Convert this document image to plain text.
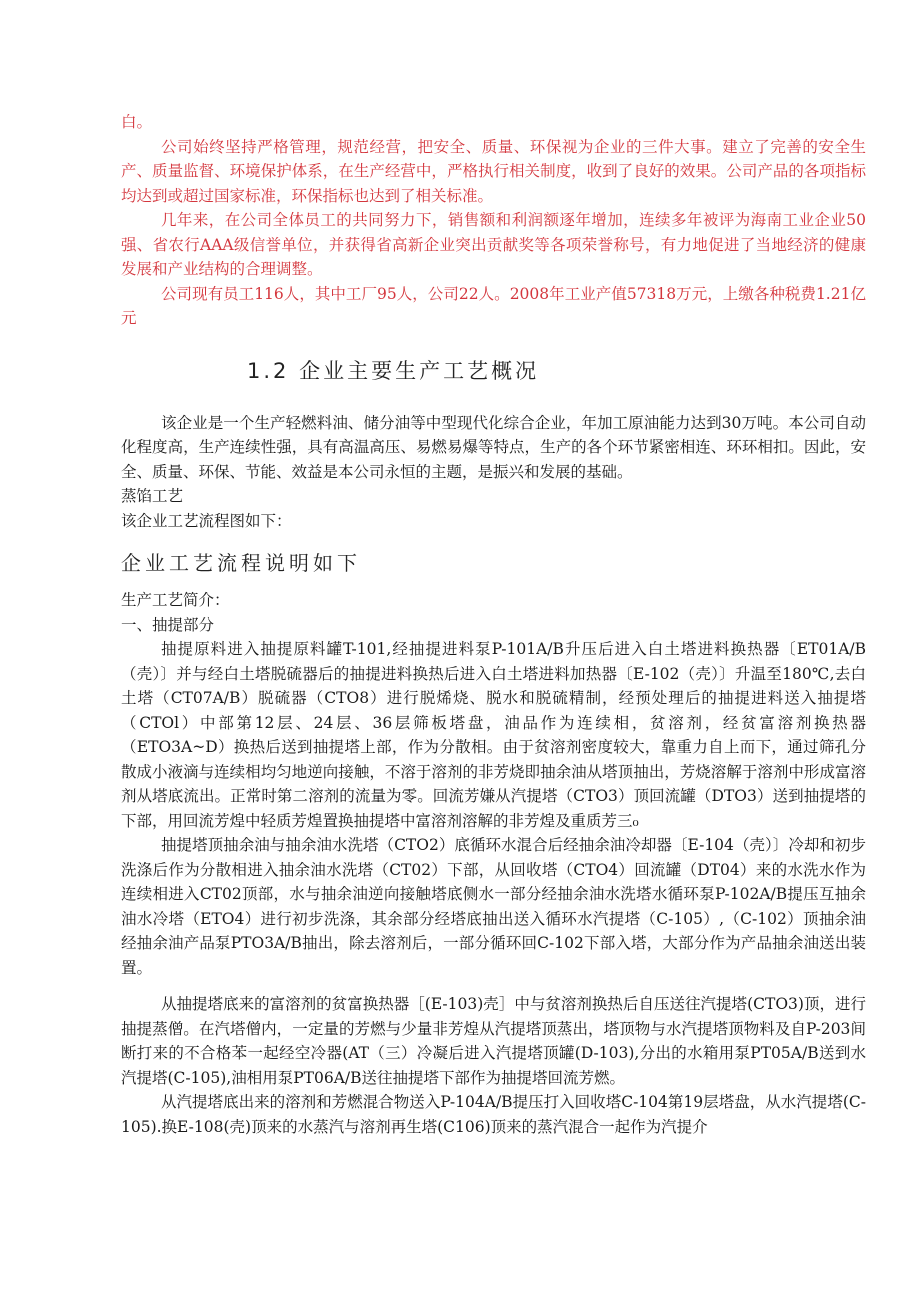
白。

公司始终坚持严格管理，规范经营，把安全、质量、环保视为企业的三件大事。建立了完善的安全生产、质量监督、环境保护体系，在生产经营中，严格执行相关制度，收到了良好的效果。公司产品的各项指标均达到或超过国家标准，环保指标也达到了相关标准。

几年来，在公司全体员工的共同努力下，销售额和利润额逐年增加，连续多年被评为海南工业企业50强、省农行AAA级信誉单位，并获得省高新企业突出贡献奖等各项荣誉称号，有力地促进了当地经济的健康发展和产业结构的合理调整。

公司现有员工116人，其中工厂95人，公司22人。2008年工业产值57318万元，上缴各种税费1.21亿元

1.2 企业主要生产工艺概况

该企业是一个生产轻燃料油、储分油等中型现代化综合企业，年加工原油能力达到30万吨。本公司自动化程度高，生产连续性强，具有高温高压、易燃易爆等特点，生产的各个环节紧密相连、环环相扣。因此，安全、质量、环保、节能、效益是本公司永恒的主题，是振兴和发展的基础。

蒸馅工艺

该企业工艺流程图如下：

企业工艺流程说明如下

生产工艺简介：

一、抽提部分

抽提原料进入抽提原料罐T-101,经抽提进料泵P-101A/B升压后进入白土塔进料换热器〔ET01A/B（壳）〕并与经白土塔脱硫器后的抽提进料换热后进入白土塔进料加热器〔E-102（壳）〕升温至180℃,去白土塔（CT07A/B）脱硫器（CTO8）进行脱烯烧、脱水和脱硫精制，经预处理后的抽提进料送入抽提塔（CTOl）中部第12层、24层、36层筛板塔盘，油品作为连续相，贫溶剂，经贫富溶剂换热器（ETO3A~D）换热后送到抽提塔上部，作为分散相。由于贫溶剂密度较大，靠重力自上而下，通过筛孔分散成小液滴与连续相均匀地逆向接触，不溶于溶剂的非芳烧即抽余油从塔顶抽出，芳烧溶解于溶剂中形成富溶剂从塔底流出。正常时第二溶剂的流量为零。回流芳嫌从汽提塔（CTO3）顶回流罐（DTO3）送到抽提塔的下部，用回流芳煌中轻质芳煌置换抽提塔中富溶剂溶解的非芳煌及重质芳三₀

抽提塔顶抽余油与抽余油水洗塔（CTO2）底循环水混合后经抽余油冷却器〔E-104（壳）〕冷却和初步洗涤后作为分散相进入抽余油水洗塔（CT02）下部，从回收塔（CTO4）回流罐（DT04）来的水洗水作为连续相进入CT02顶部，水与抽余油逆向接触塔底侧水一部分经抽余油水洗塔水循环泵P-102A/B提压互抽余油水冷塔（ETO4）进行初步洗涤，其余部分经塔底抽出送入循环水汽提塔（C-105）,（C-102）顶抽余油经抽余油产品泵PTO3A/B抽出，除去溶剂后，一部分循环回C-102下部入塔，大部分作为产品抽余油送出装置。

从抽提塔底来的富溶剂的贫富换热器［(E-103)壳］中与贫溶剂换热后自压送往汽提塔(CTO3)顶，进行抽提蒸僧。在汽塔僧内，一定量的芳燃与少量非芳煌从汽提塔顶蒸出，塔顶物与水汽提塔顶物料及自P-203间断打来的不合格苯一起经空冷器(AT（三）冷凝后进入汽提塔顶罐(D-103),分出的水箱用泵PT05A/B送到水汽提塔(C-105),油相用泵PT06A/B送往抽提塔下部作为抽提塔回流芳燃。

从汽提塔底出来的溶剂和芳燃混合物送入P-104A/B提压打入回收塔C-104第19层塔盘，从水汽提塔(C-105).换E-108(壳)顶来的水蒸汽与溶剂再生塔(C106)顶来的蒸汽混合一起作为汽提介
